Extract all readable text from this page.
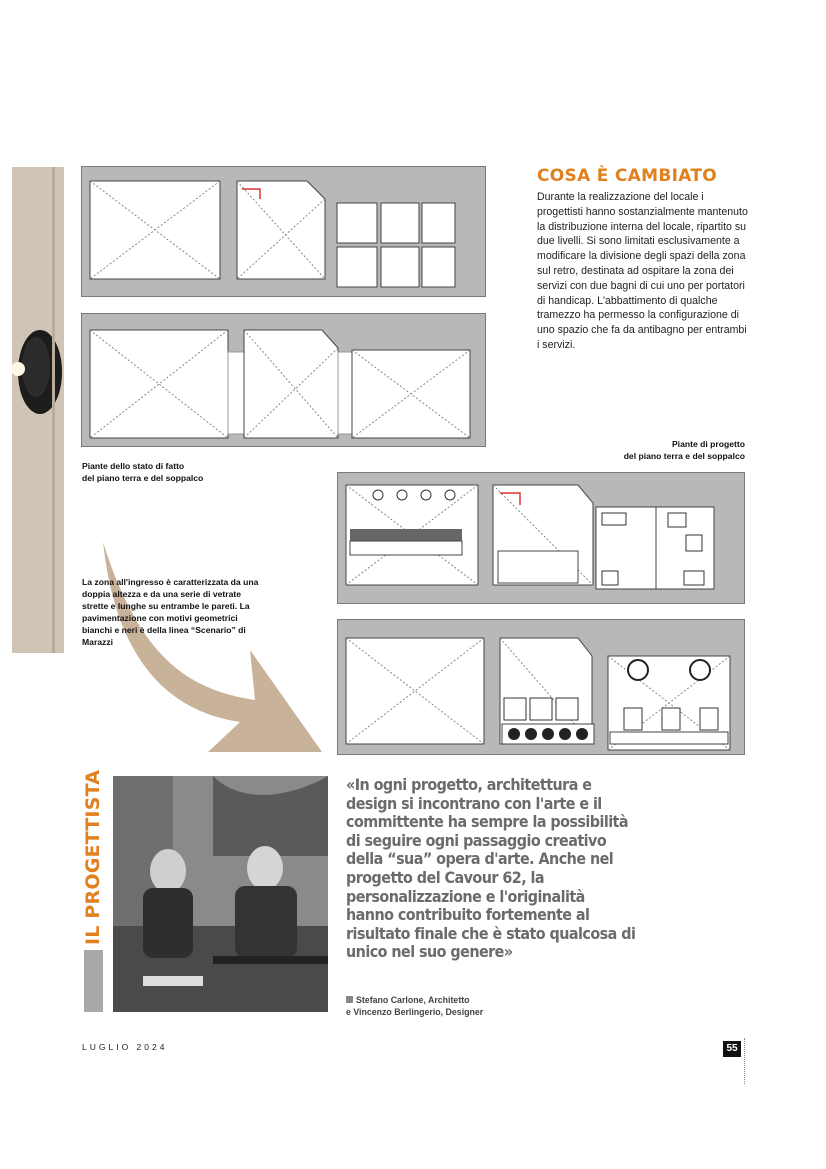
Piante dello stato di fatto
del piano terra e del soppalco

COSA È CAMBIATO

Durante la realizzazione del locale i progettisti hanno sostanzialmente mantenuto la distribuzione interna del locale, ripartito su due livelli. Si sono limitati esclusivamente a modificare la divisione degli spazi della zona sul retro, destinata ad ospitare la zona dei servizi con due bagni di cui uno per portatori di handicap. L'abbattimento di qualche tramezzo ha permesso la configurazione di uno spazio che fa da antibagno per entrambi i servizi.

Piante di progetto
del piano terra e del soppalco

La zona all'ingresso è caratterizzata da una doppia altezza e da una serie di vetrate strette e lunghe su entrambe le pareti. La pavimentazione con motivi geometrici bianchi e neri è della linea “Scenario” di Marazzi

IL PROGETTISTA	«In ogni progetto, architettura e design si incontrano con l'arte e il committente ha sempre la possibilità di seguire ogni passaggio creativo della “sua” opera d'arte. Anche nel progetto del Cavour 62, la personalizzazione e l'originalità hanno contribuito fortemente al risultato finale che è stato qualcosa di unico nel suo genere»

Stefano Carlone, Architetto
e Vincenzo Berlingerio, Designer

LUGLIO 2024	55
